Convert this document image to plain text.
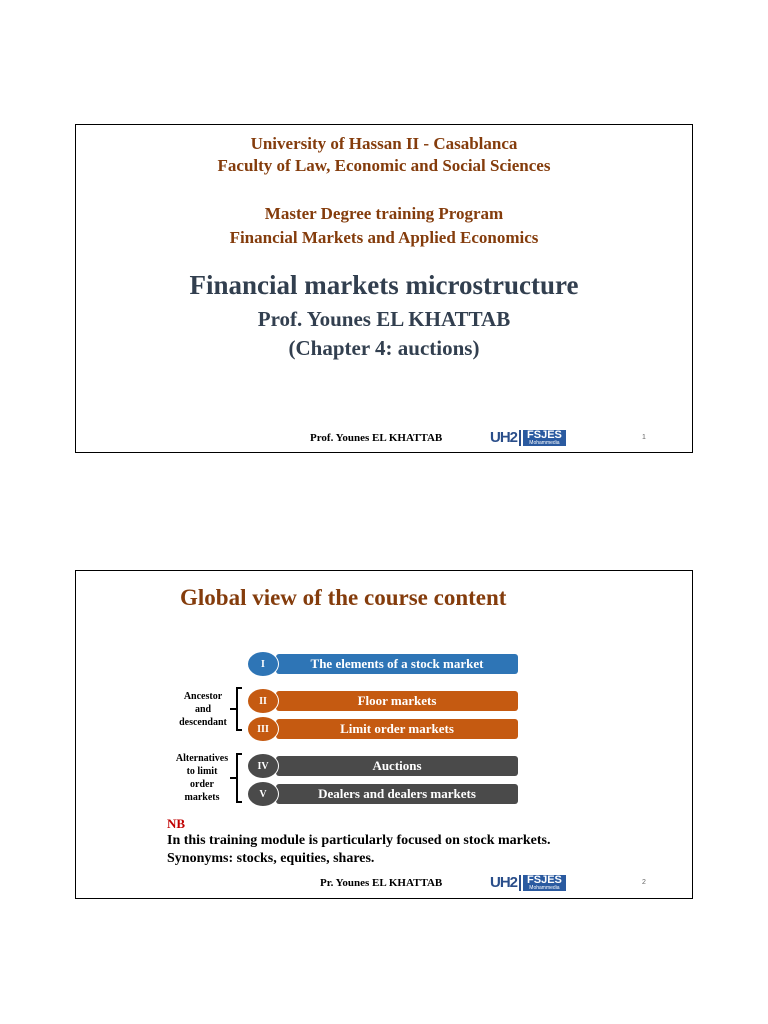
University of Hassan II - Casablanca
Faculty of Law, Economic and Social Sciences
Master Degree training Program
Financial Markets and Applied Economics
Financial markets microstructure
Prof. Younes EL KHATTAB
(Chapter 4: auctions)
Prof. Younes EL KHATTAB	UH2 FSJES
Mohammedia
1
Global view of the course content
The elements of a stock market
I
Floor markets
II
Limit order markets
III
Auctions
IV
Dealers and dealers markets
V
Ancestor
and
descendant
Alternatives
to limit
order
markets
NB
In this training module is particularly focused on stock markets.
Synonyms: stocks, equities, shares.
Pr. Younes EL KHATTAB	UH2 FSJES
Mohammedia
2
